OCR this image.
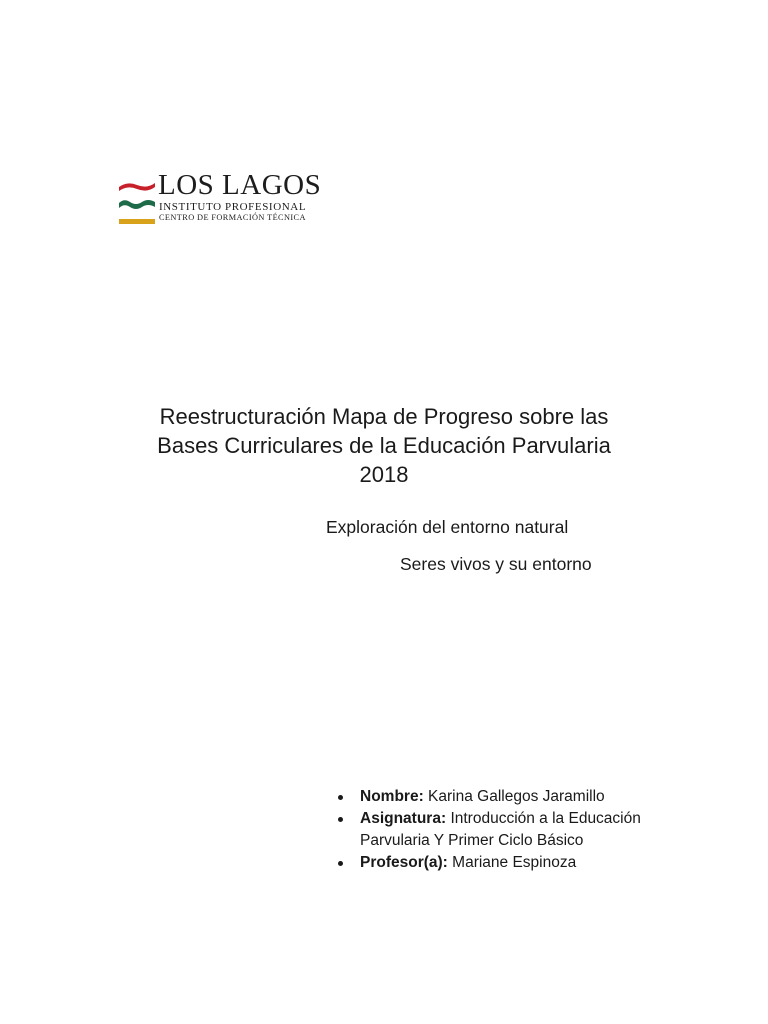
LOS LAGOS
INSTITUTO PROFESIONAL
CENTRO DE FORMACIÓN TÉCNICA
Reestructuración Mapa de Progreso sobre las
Bases Curriculares de la Educación Parvularia
2018
Exploración del entorno natural
Seres vivos y su entorno
Nombre: Karina Gallegos Jaramillo
Asignatura: Introducción a la Educación Parvularia Y Primer Ciclo Básico
Profesor(a): Mariane Espinoza
